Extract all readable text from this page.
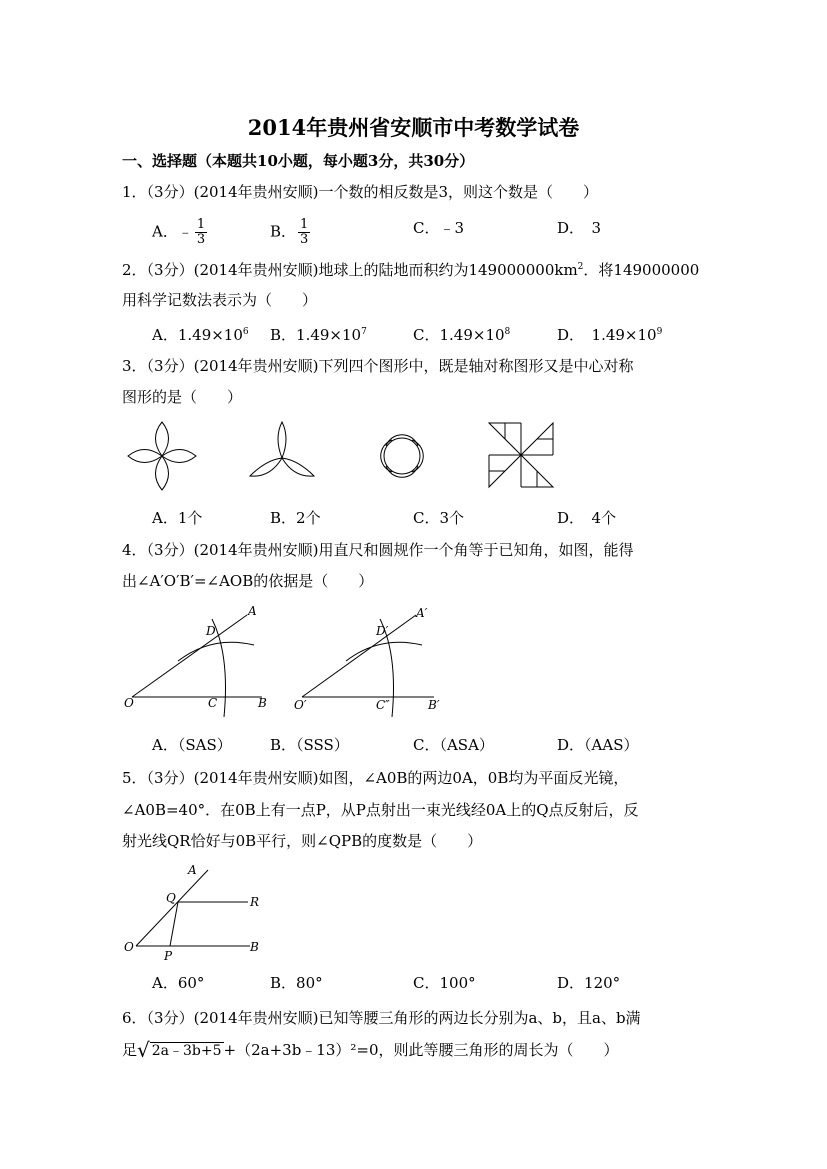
2014年贵州省安顺市中考数学试卷
一、选择题（本题共10小题，每小题3分，共30分）
1．（3分）(2014年贵州安顺)一个数的相反数是3，则这个数是（　　）
A．﹣ $\frac{1}{3}$	B． $\frac{1}{3}$	C．﹣3	D．　3
2．（3分）(2014年贵州安顺)地球上的陆地而积约为$149000000km^2$．将149000000
用科学记数法表示为（　　）
A．$1.49\times 10^6$ B．$1.49\times 10^7$	C．$1.49\times 10^8$	D．　$1.49\times 10^9$
3．（3分）(2014年贵州安顺)下列四个图形中，既是轴对称图形又是中心对称
图形的是（　　）
A．1个	B．2个	C．3个	D．　4个
4．（3分）(2014年贵州安顺)用直尺和圆规作一个角等于已知角，如图，能得
出∠A′O′B′=∠AOB的依据是（　　）
A
D
O	C	B
A′
D′
O′	C″	B′
A．（SAS）	B．（SSS）	C．（ASA）	D．（AAS）
5．（3分）(2014年贵州安顺)如图，∠A0B的两边0A，0B均为平面反光镜，
∠A0B=40°．在0B上有一点P，从P点射出一束光线经0A上的Q点反射后，反
射光线QR恰好与0B平行，则∠QPB的度数是（　　）
A
Q	R
O
P
B
A．60°	B．80°	C．100°	D．120°
6．（3分）(2014年贵州安顺)已知等腰三角形的两边长分别为a、b，且a、b满
足√ 2a﹣3b+5 +（2a+3b﹣13）²=0，则此等腰三角形的周长为（　　）
